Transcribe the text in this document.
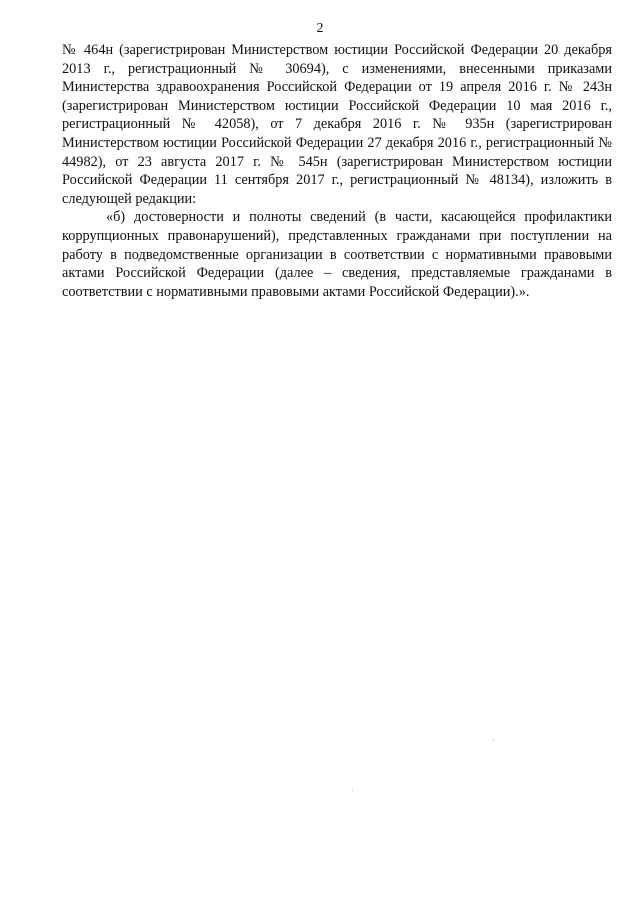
2

№ 464н (зарегистрирован Министерством юстиции Российской Федерации 20 декабря 2013 г., регистрационный № 30694), с изменениями, внесенными приказами Министерства здравоохранения Российской Федерации от 19 апреля 2016 г. № 243н (зарегистрирован Министерством юстиции Российской Федерации 10 мая 2016 г., регистрационный № 42058), от 7 декабря 2016 г. № 935н (зарегистрирован Министерством юстиции Российской Федерации 27 декабря 2016 г., регистрационный № 44982), от 23 августа 2017 г. № 545н (зарегистрирован Министерством юстиции Российской Федерации 11 сентября 2017 г., регистрационный № 48134), изложить в следующей редакции:

«б) достоверности и полноты сведений (в части, касающейся профилактики коррупционных правонарушений), представленных гражданами при поступлении на работу в подведомственные организации в соответствии с нормативными правовыми актами Российской Федерации (далее – сведения, представляемые гражданами в соответствии с нормативными правовыми актами Российской Федерации).».
